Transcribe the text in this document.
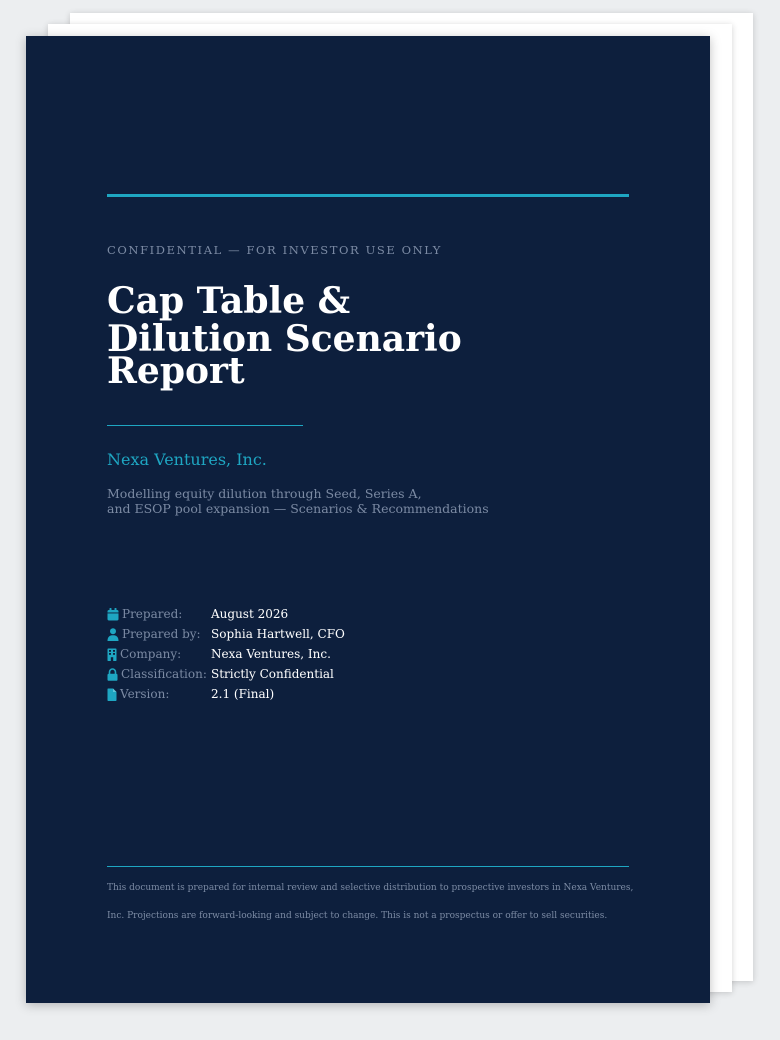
CONFIDENTIAL — FOR INVESTOR USE ONLY
Cap Table &
Dilution Scenario
Report
Nexa Ventures, Inc.
Modelling equity dilution through Seed, Series A,
and ESOP pool expansion — Scenarios & Recommendations
Prepared: August 2026
Prepared by: Sophia Hartwell, CFO
Company: Nexa Ventures, Inc.
Classification: Strictly Confidential
Version:	2.1 (Final)

This document is prepared for internal review and selective distribution to prospective investors in Nexa Ventures,
Inc. Projections are forward-looking and subject to change. This is not a prospectus or offer to sell securities.
